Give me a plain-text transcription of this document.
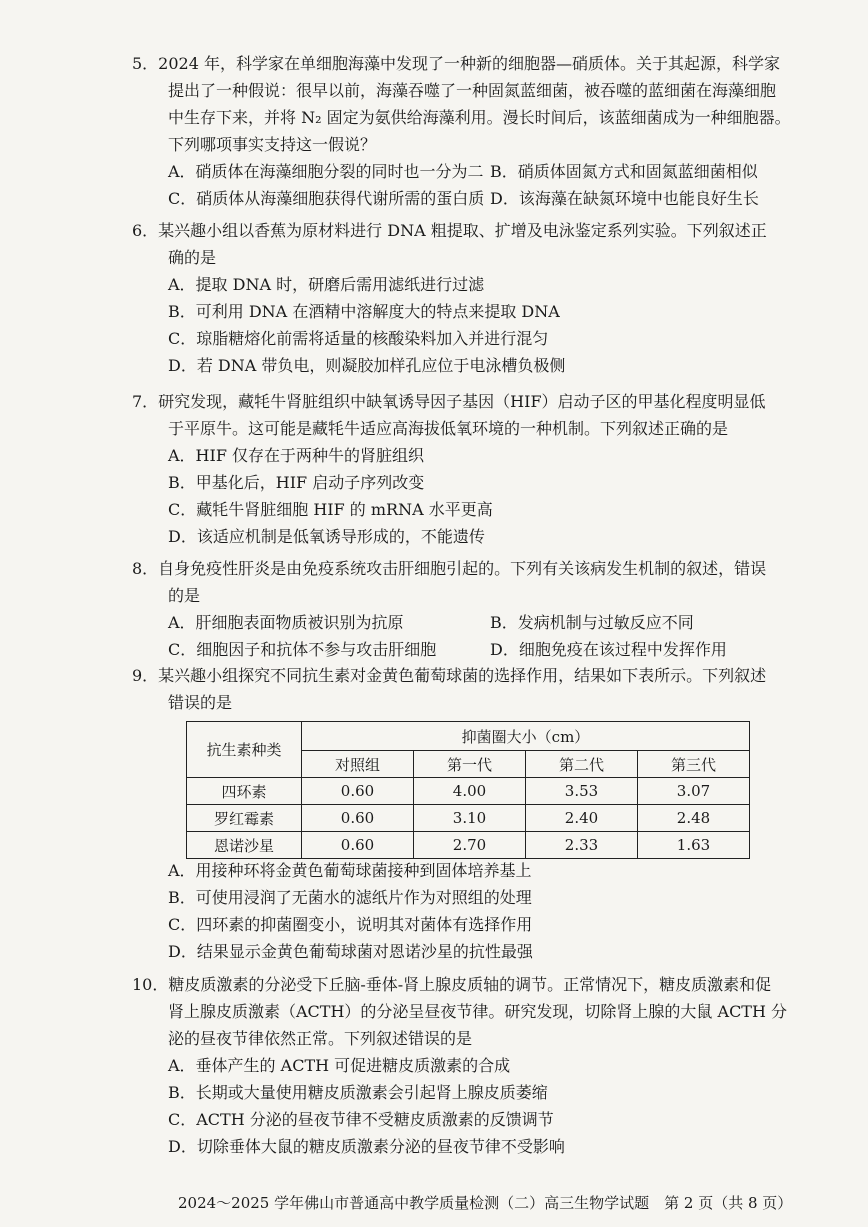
5．2024 年，科学家在单细胞海藻中发现了一种新的细胞器—硝质体。关于其起源，科学家
提出了一种假说：很早以前，海藻吞噬了一种固氮蓝细菌，被吞噬的蓝细菌在海藻细胞
中生存下来，并将 N₂ 固定为氨供给海藻利用。漫长时间后，该蓝细菌成为一种细胞器。
下列哪项事实支持这一假说？
A．硝质体在海藻细胞分裂的同时也一分为二 B．硝质体固氮方式和固氮蓝细菌相似
C．硝质体从海藻细胞获得代谢所需的蛋白质 D．该海藻在缺氮环境中也能良好生长
6．某兴趣小组以香蕉为原材料进行 DNA 粗提取、扩增及电泳鉴定系列实验。下列叙述正
确的是
A．提取 DNA 时，研磨后需用滤纸进行过滤
B．可利用 DNA 在酒精中溶解度大的特点来提取 DNA
C．琼脂糖熔化前需将适量的核酸染料加入并进行混匀
D．若 DNA 带负电，则凝胶加样孔应位于电泳槽负极侧
7．研究发现，藏牦牛肾脏组织中缺氧诱导因子基因（HIF）启动子区的甲基化程度明显低
于平原牛。这可能是藏牦牛适应高海拔低氧环境的一种机制。下列叙述正确的是
A．HIF 仅存在于两种牛的肾脏组织
B．甲基化后，HIF 启动子序列改变
C．藏牦牛肾脏细胞 HIF 的 mRNA 水平更高
D．该适应机制是低氧诱导形成的，不能遗传
8．自身免疫性肝炎是由免疫系统攻击肝细胞引起的。下列有关该病发生机制的叙述，错误
的是
A．肝细胞表面物质被识别为抗原	B．发病机制与过敏反应不同
C．细胞因子和抗体不参与攻击肝细胞	D．细胞免疫在该过程中发挥作用
9．某兴趣小组探究不同抗生素对金黄色葡萄球菌的选择作用，结果如下表所示。下列叙述
错误的是
抗生素种类	抑菌圈大小（cm）			
	对照组	第一代	第二代	第三代
四环素	0.60	4.00	3.53	3.07
罗红霉素	0.60	3.10	2.40	2.48
恩诺沙星	0.60	2.70	2.33	1.63
A．用接种环将金黄色葡萄球菌接种到固体培养基上
B．可使用浸润了无菌水的滤纸片作为对照组的处理
C．四环素的抑菌圈变小，说明其对菌体有选择作用
D．结果显示金黄色葡萄球菌对恩诺沙星的抗性最强
10．糖皮质激素的分泌受下丘脑-垂体-肾上腺皮质轴的调节。正常情况下，糖皮质激素和促
肾上腺皮质激素（ACTH）的分泌呈昼夜节律。研究发现，切除肾上腺的大鼠 ACTH 分
泌的昼夜节律依然正常。下列叙述错误的是
A．垂体产生的 ACTH 可促进糖皮质激素的合成
B．长期或大量使用糖皮质激素会引起肾上腺皮质萎缩
C．ACTH 分泌的昼夜节律不受糖皮质激素的反馈调节
D．切除垂体大鼠的糖皮质激素分泌的昼夜节律不受影响
2024～2025 学年佛山市普通高中教学质量检测（二）高三生物学试题　第 2 页（共 8 页）
